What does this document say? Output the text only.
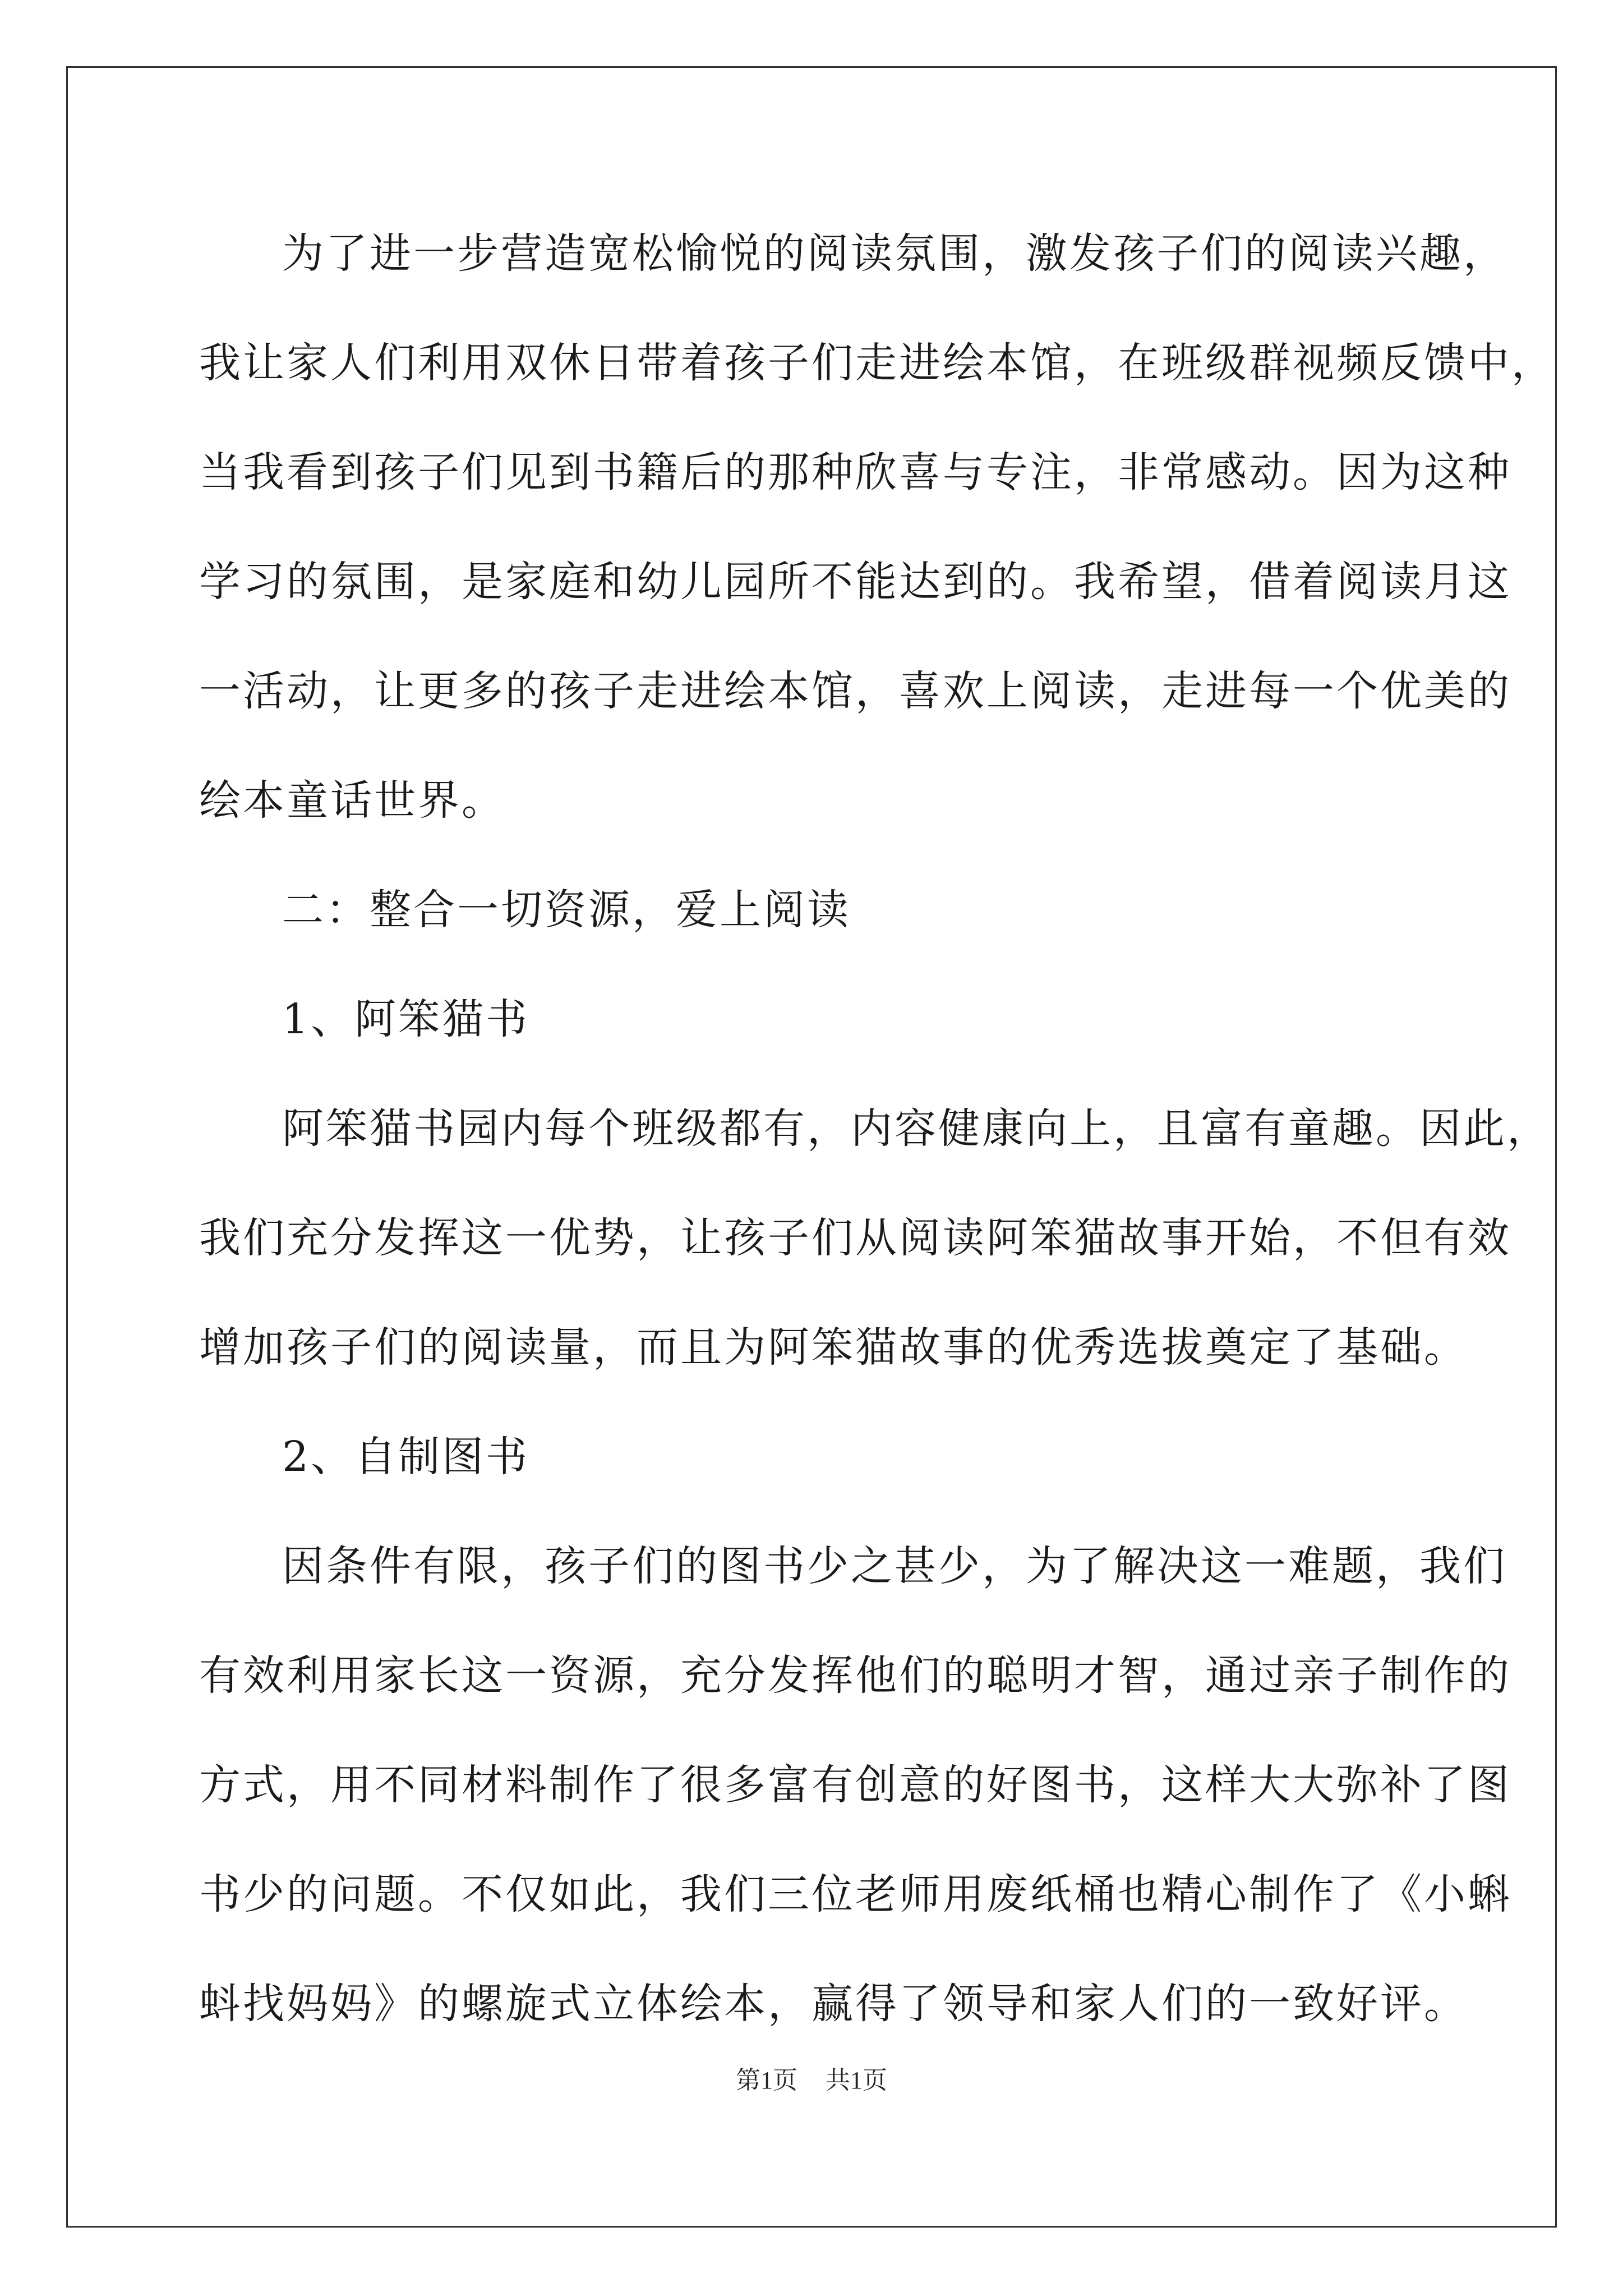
为了进一步营造宽松愉悦的阅读氛围，激发孩子们的阅读兴趣，
我让家人们利用双休日带着孩子们走进绘本馆，在班级群视频反馈中，
当我看到孩子们见到书籍后的那种欣喜与专注，非常感动。因为这种
学习的氛围，是家庭和幼儿园所不能达到的。我希望，借着阅读月这
一活动，让更多的孩子走进绘本馆，喜欢上阅读，走进每一个优美的
绘本童话世界。
二：整合一切资源，爱上阅读
1、阿笨猫书
阿笨猫书园内每个班级都有，内容健康向上，且富有童趣。因此，
我们充分发挥这一优势，让孩子们从阅读阿笨猫故事开始，不但有效
增加孩子们的阅读量，而且为阿笨猫故事的优秀选拔奠定了基础。
2、自制图书
因条件有限，孩子们的图书少之甚少，为了解决这一难题，我们
有效利用家长这一资源，充分发挥他们的聪明才智，通过亲子制作的
方式，用不同材料制作了很多富有创意的好图书，这样大大弥补了图
书少的问题。不仅如此，我们三位老师用废纸桶也精心制作了《小蝌
蚪找妈妈》的螺旋式立体绘本，赢得了领导和家人们的一致好评。
第1页 共1页
